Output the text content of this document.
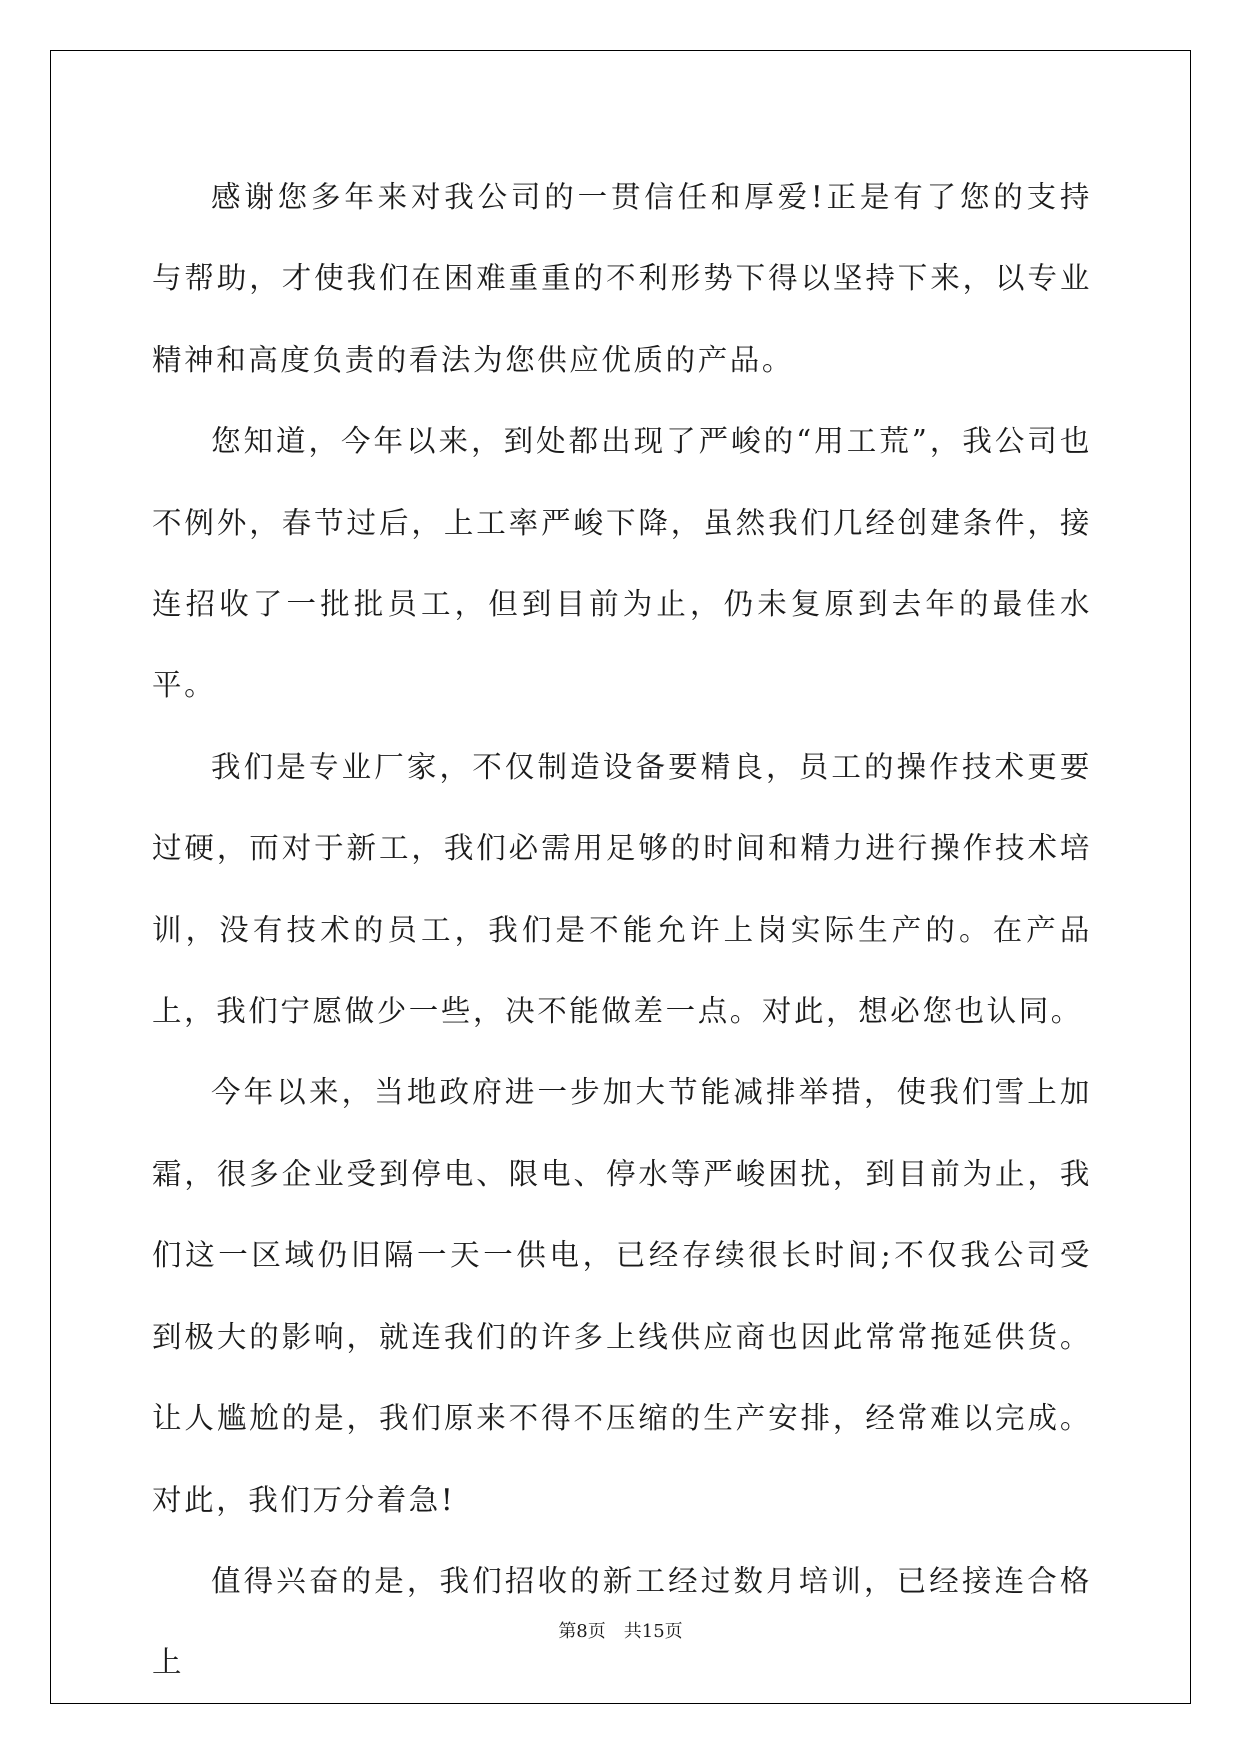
感谢您多年来对我公司的一贯信任和厚爱!正是有了您的支持与帮助，才使我们在困难重重的不利形势下得以坚持下来，以专业精神和高度负责的看法为您供应优质的产品。

您知道，今年以来，到处都出现了严峻的“用工荒”，我公司也不例外，春节过后，上工率严峻下降，虽然我们几经创建条件，接连招收了一批批员工，但到目前为止，仍未复原到去年的最佳水平。

我们是专业厂家，不仅制造设备要精良，员工的操作技术更要过硬，而对于新工，我们必需用足够的时间和精力进行操作技术培训，没有技术的员工，我们是不能允许上岗实际生产的。在产品上，我们宁愿做少一些，决不能做差一点。对此，想必您也认同。

今年以来，当地政府进一步加大节能减排举措，使我们雪上加霜，很多企业受到停电、限电、停水等严峻困扰，到目前为止，我们这一区域仍旧隔一天一供电，已经存续很长时间;不仅我公司受到极大的影响，就连我们的许多上线供应商也因此常常拖延供货。让人尴尬的是，我们原来不得不压缩的生产安排，经常难以完成。对此，我们万分着急!

值得兴奋的是，我们招收的新工经过数月培训，已经接连合格上

第8页 共15页
